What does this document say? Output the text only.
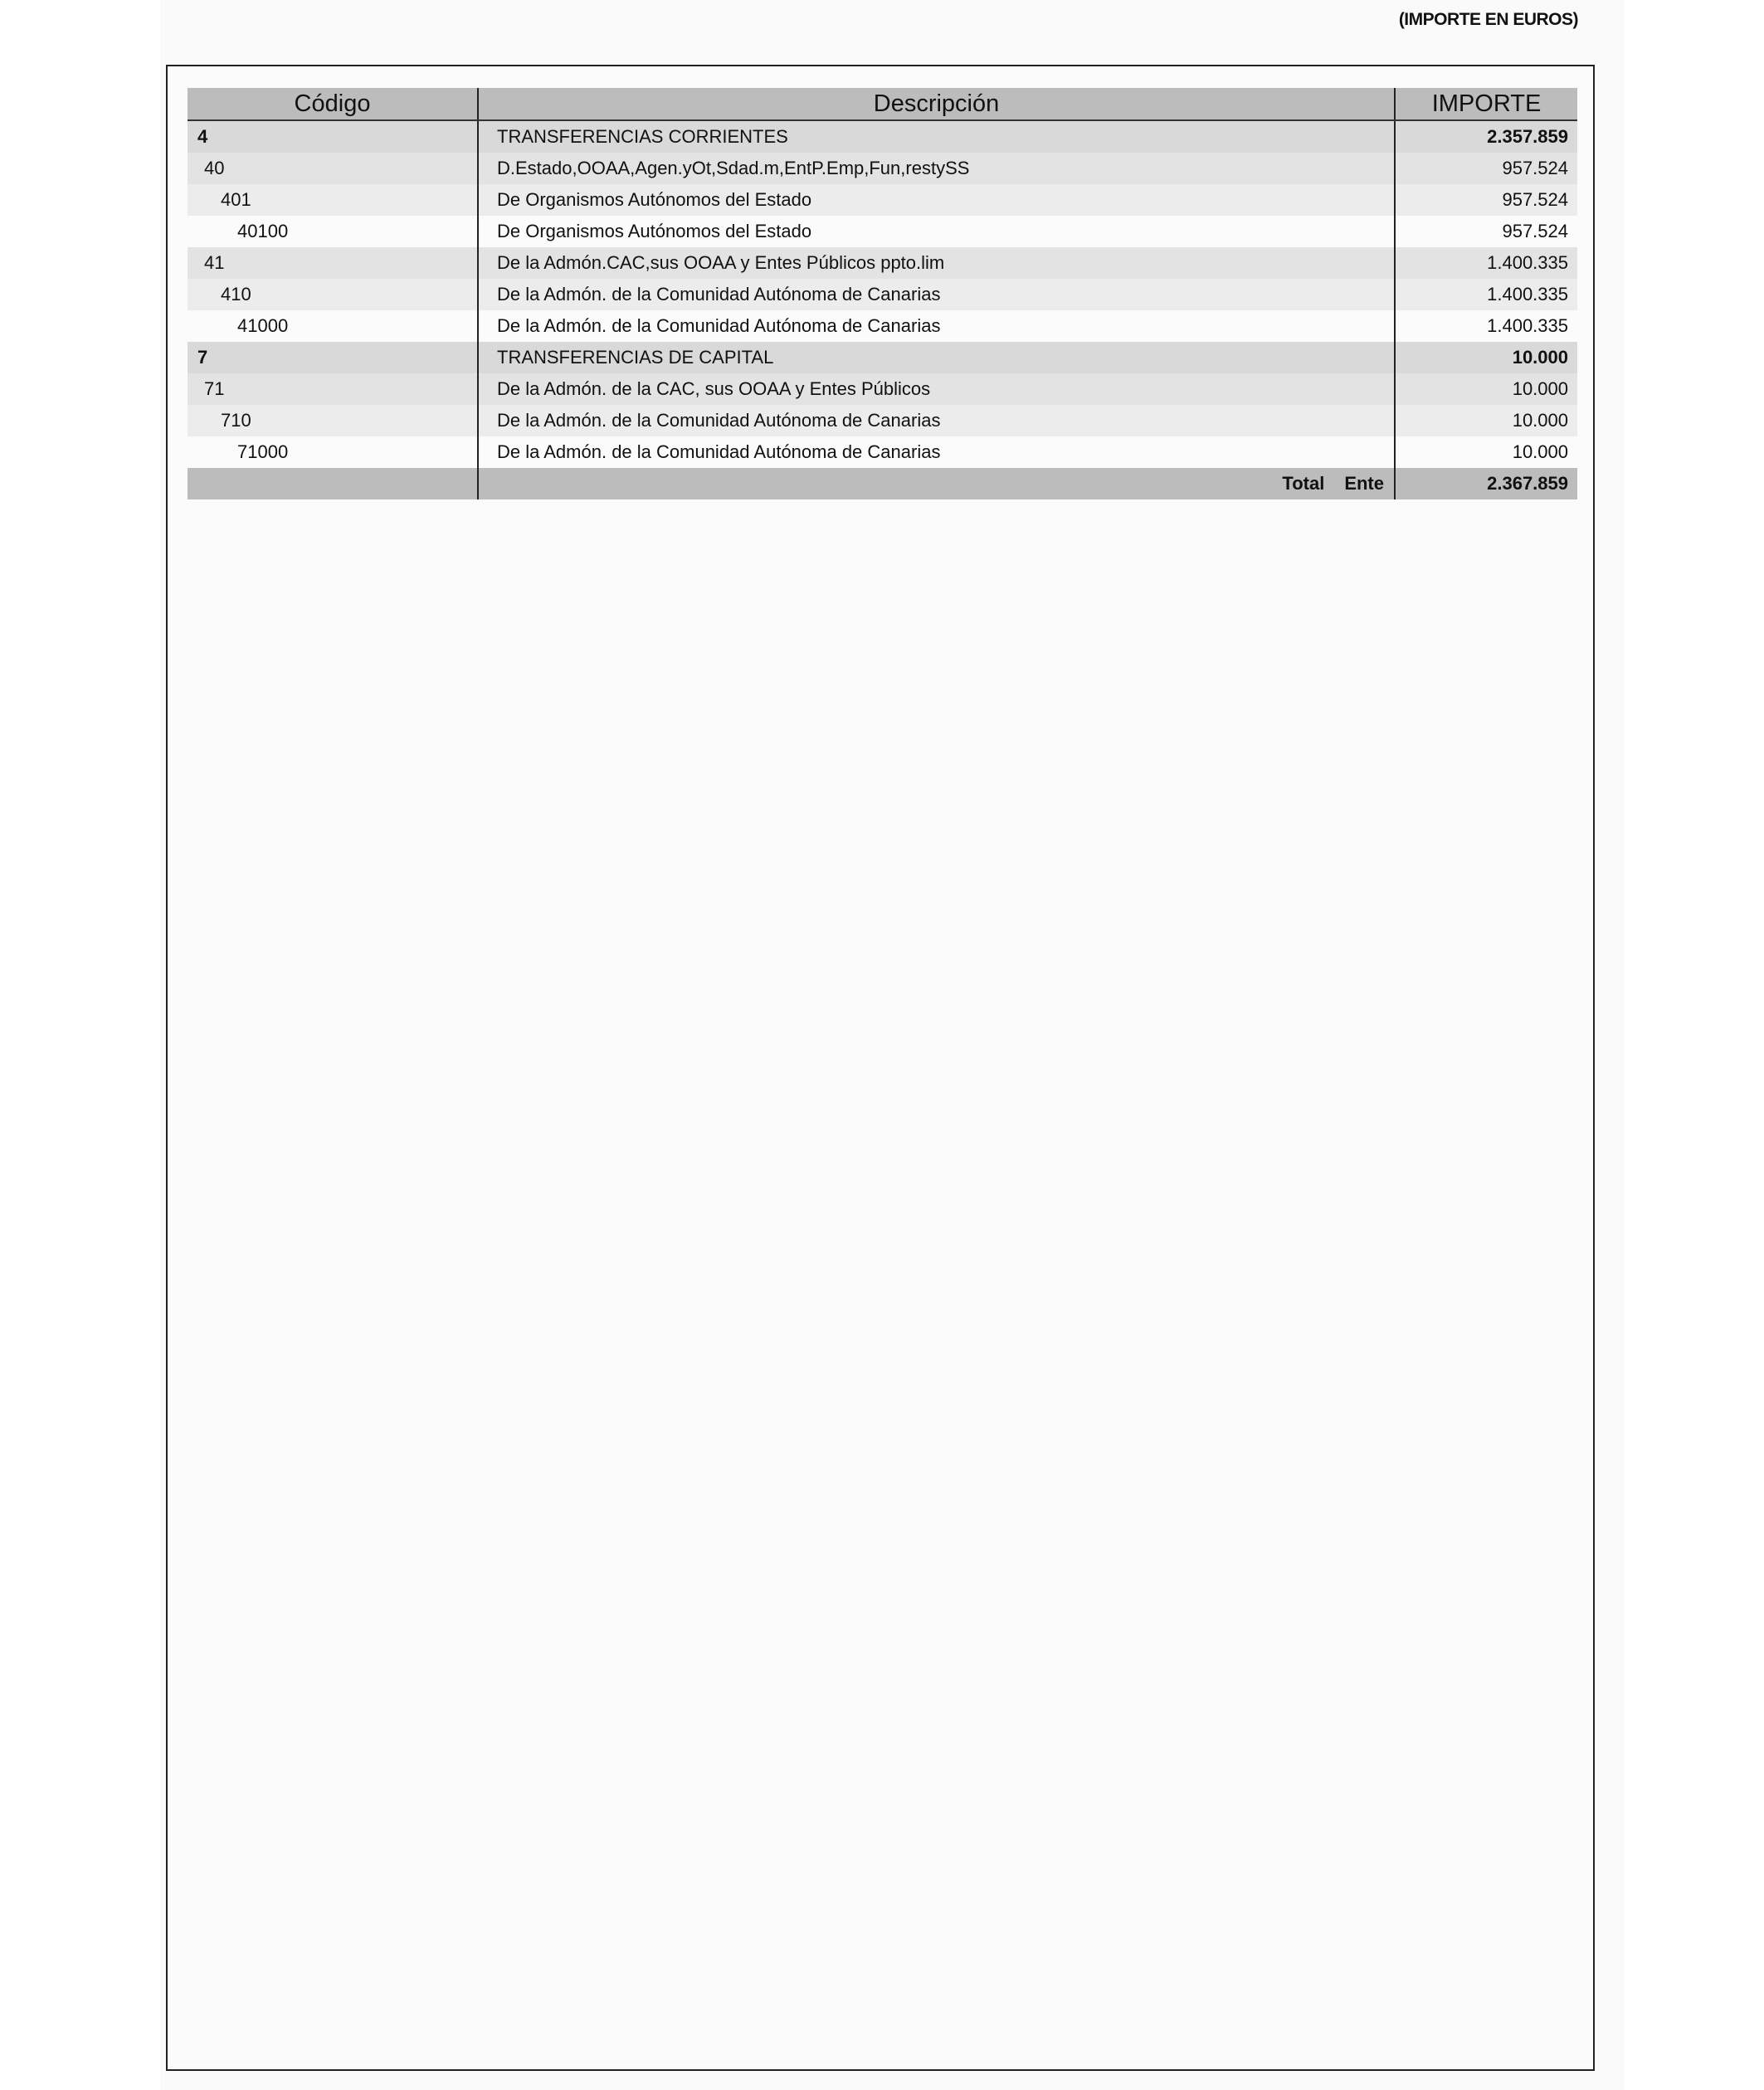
(IMPORTE EN EUROS)
Código	Descripción	IMPORTE
4	TRANSFERENCIAS CORRIENTES	2.357.859
40	D.Estado,OOAA,Agen.yOt,Sdad.m,EntP.Emp,Fun,restySS	957.524
401	De Organismos Autónomos del Estado	957.524
40100	De Organismos Autónomos del Estado	957.524
41	De la Admón.CAC,sus OOAA y Entes Públicos ppto.lim	1.400.335
410	De la Admón. de la Comunidad Autónoma de Canarias	1.400.335
41000	De la Admón. de la Comunidad Autónoma de Canarias	1.400.335
7	TRANSFERENCIAS DE CAPITAL	10.000
71	De la Admón. de la CAC, sus OOAA y Entes Públicos	10.000
710	De la Admón. de la Comunidad Autónoma de Canarias	10.000
71000	De la Admón. de la Comunidad Autónoma de Canarias	10.000
	Total Ente	2.367.859
